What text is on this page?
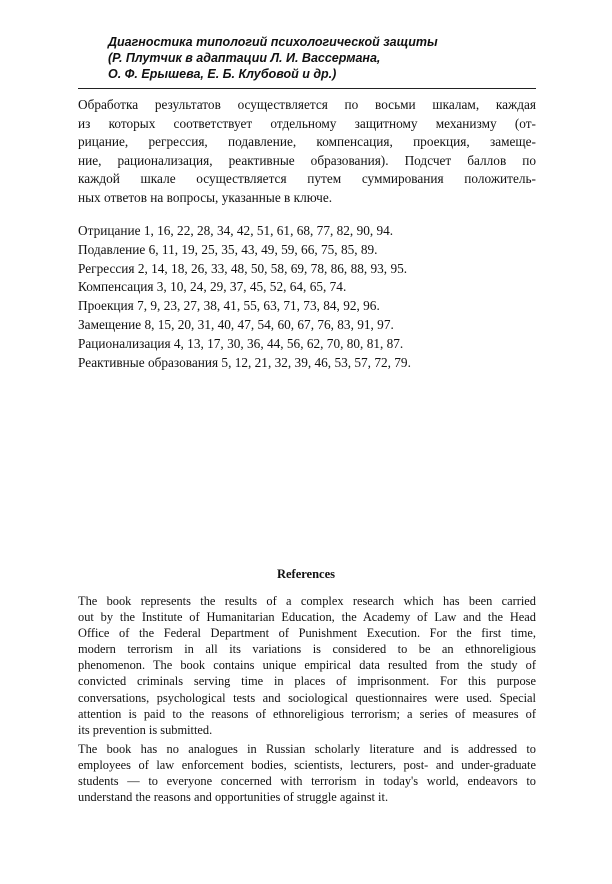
Диагностика типологий психологической защиты
(Р. Плутчик в адаптации Л. И. Вассермана,
О. Ф. Ерышева, Е. Б. Клубовой и др.)
Обработка результатов осуществляется по восьми шкалам, каждая
из которых соответствует отдельному защитному механизму (от-
рицание, регрессия, подавление, компенсация, проекция, замеще-
ние, рационализация, реактивные образования). Подсчет баллов по
каждой шкале осуществляется путем суммирования положитель-
ных ответов на вопросы, указанные в ключе.
Отрицание 1, 16, 22, 28, 34, 42, 51, 61, 68, 77, 82, 90, 94.
Подавление 6, 11, 19, 25, 35, 43, 49, 59, 66, 75, 85, 89.
Регрессия 2, 14, 18, 26, 33, 48, 50, 58, 69, 78, 86, 88, 93, 95.
Компенсация 3, 10, 24, 29, 37, 45, 52, 64, 65, 74.
Проекция 7, 9, 23, 27, 38, 41, 55, 63, 71, 73, 84, 92, 96.
Замещение 8, 15, 20, 31, 40, 47, 54, 60, 67, 76, 83, 91, 97.
Рационализация 4, 13, 17, 30, 36, 44, 56, 62, 70, 80, 81, 87.
Реактивные образования 5, 12, 21, 32, 39, 46, 53, 57, 72, 79.
References
The book represents the results of a complex research which has been carried
out by the Institute of Humanitarian Education, the Academy of Law and the Head
Office of the Federal Department of Punishment Execution. For the first time,
modern terrorism in all its variations is considered to be an ethnoreligious
phenomenon. The book contains unique empirical data resulted from the study of
convicted criminals serving time in places of imprisonment. For this purpose
conversations, psychological tests and sociological questionnaires were used. Special
attention is paid to the reasons of ethnoreligious terrorism; a series of measures of
its prevention is submitted.
The book has no analogues in Russian scholarly literature and is addressed to
employees of law enforcement bodies, scientists, lecturers, post- and under-graduate
students — to everyone concerned with terrorism in today's world, endeavors to
understand the reasons and opportunities of struggle against it.
